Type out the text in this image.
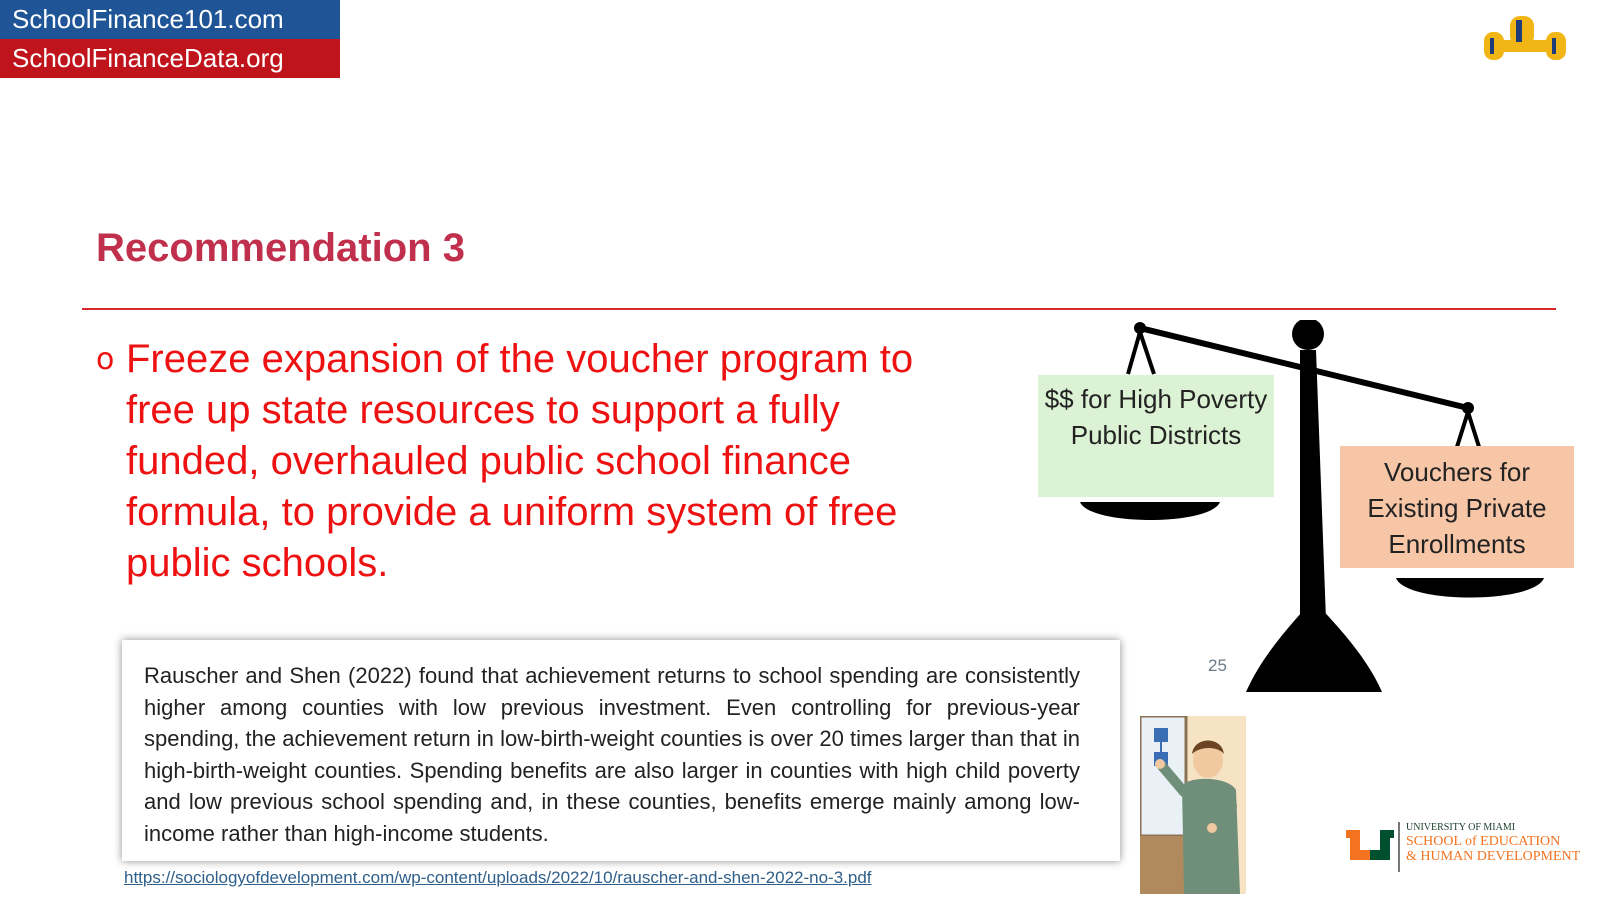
SchoolFinance101.com
SchoolFinanceData.org
Recommendation 3
o Freeze expansion of the voucher program to free up state resources to support a fully funded, overhauled public school finance formula, to provide a uniform system of free public schools.
$$ for High Poverty Public Districts
Vouchers for Existing Private Enrollments
25

Rauscher and Shen (2022) found that achievement returns to school spending are consistently higher among counties with low previous investment. Even controlling for previous-year spending, the achievement return in low-birth-weight counties is over 20 times larger than that in high-birth-weight counties. Spending benefits are also larger in counties with high child poverty and low previous school spending and, in these counties, benefits emerge mainly among low-income rather than high-income students.

https://sociologyofdevelopment.com/wp-content/uploads/2022/10/rauscher-and-shen-2022-no-3.pdf
UNIVERSITY OF MIAMI
SCHOOL of EDUCATION
& HUMAN DEVELOPMENT
